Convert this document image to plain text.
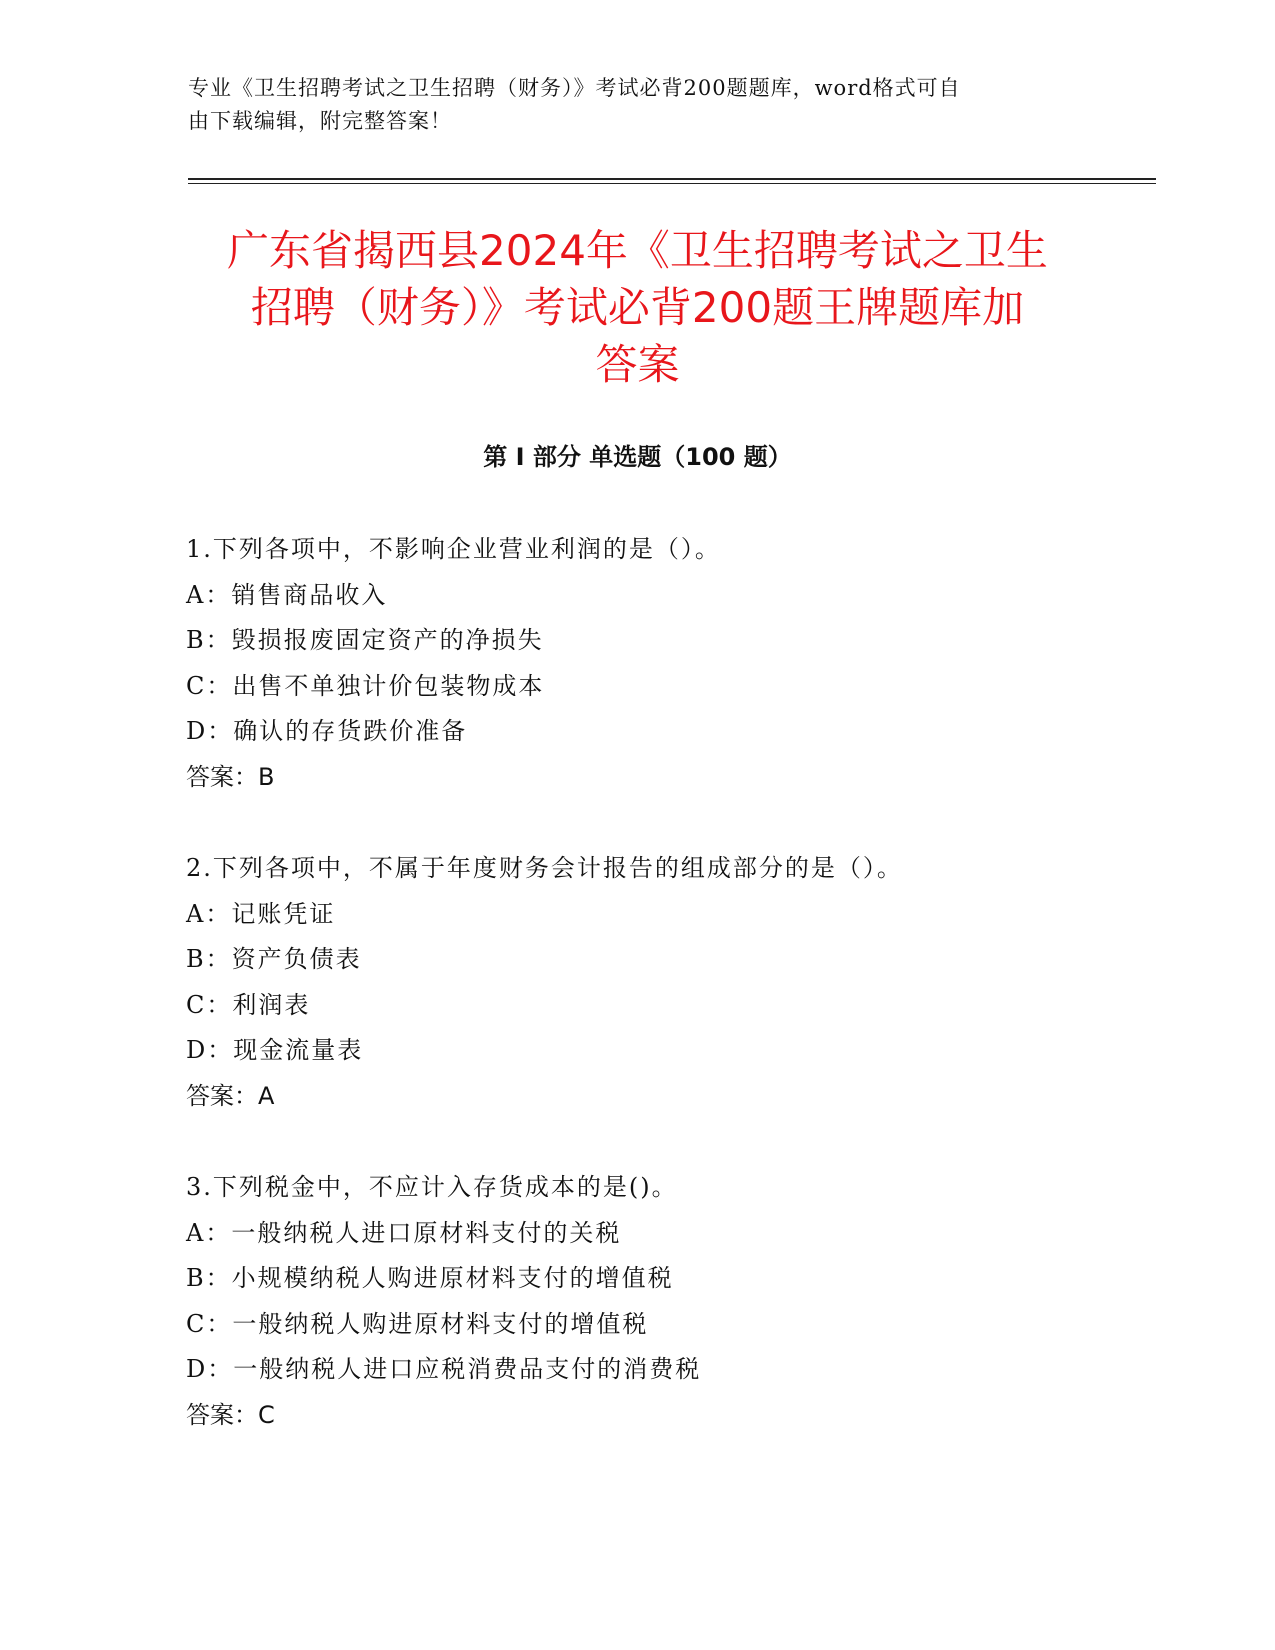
专业《卫生招聘考试之卫生招聘（财务）》考试必背200题题库，word格式可自
由下载编辑，附完整答案！
广东省揭西县2024年《卫生招聘考试之卫生
招聘（财务）》考试必背200题王牌题库加
答案
第 I 部分 单选题（100 题）
1.下列各项中，不影响企业营业利润的是（）。
A：销售商品收入
B：毁损报废固定资产的净损失
C：出售不单独计价包装物成本
D：确认的存货跌价准备
答案：B
2.下列各项中，不属于年度财务会计报告的组成部分的是（）。
A：记账凭证
B：资产负债表
C：利润表
D：现金流量表
答案：A
3.下列税金中，不应计入存货成本的是()。
A：一般纳税人进口原材料支付的关税
B：小规模纳税人购进原材料支付的增值税
C：一般纳税人购进原材料支付的增值税
D：一般纳税人进口应税消费品支付的消费税
答案：C
